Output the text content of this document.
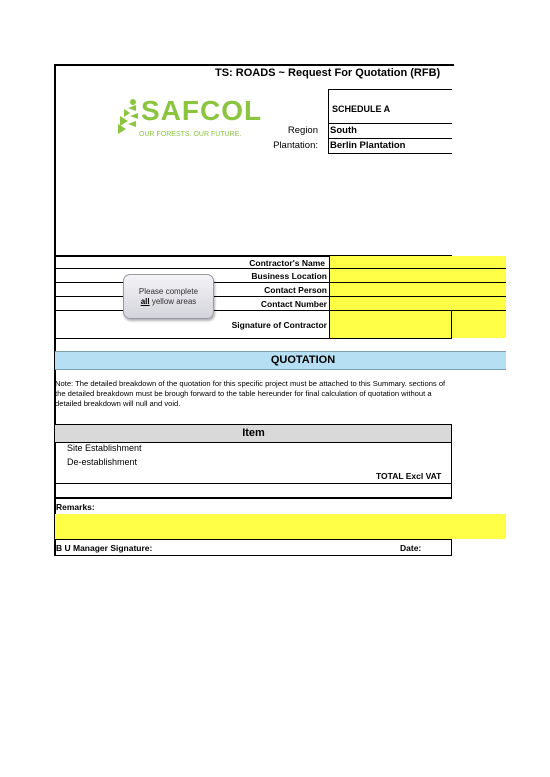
TS: ROADS ~ Request For Quotation (RFB)
SAFCOL
OUR FORESTS. OUR FUTURE.
SCHEDULE A
Region South
Plantation: Berlin Plantation
Contractor's Name
Business Location
Contact Person
Contact Number
Signature of Contractor
Please complete
all yellow areas
QUOTATION
Note: The detailed breakdown of the quotation for this specific project must be attached to this Summary. sections of the detailed breakdown must be brough forward to the table hereunder for final calculation of quotation without a detailed breakdown will null and void.
Item
Site Establishment
De-establishment
TOTAL Excl VAT
Remarks:
B U Manager Signature:	Date:
